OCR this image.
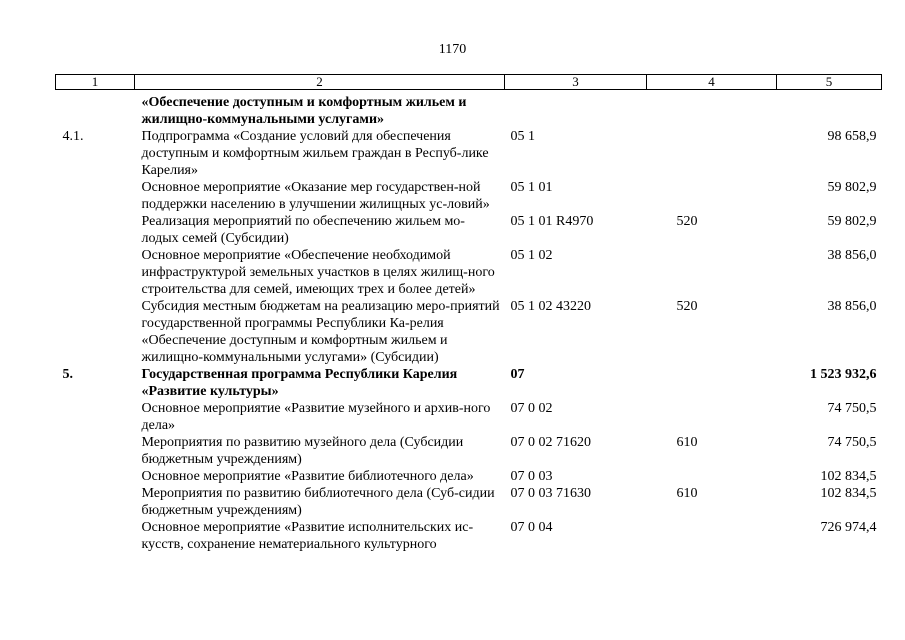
1170
1	2	3	4	5
	«Обеспечение доступным и комфортным жильем и жилищно-коммунальными услугами»			
4.1.	Подпрограмма «Создание условий для обеспечения доступным и комфортным жильем граждан в Респуб-лике Карелия»	05 1		98 658,9
	Основное мероприятие «Оказание мер государствен-ной поддержки населению в улучшении жилищных ус-ловий»	05 1 01		59 802,9
	Реализация мероприятий по обеспечению жильем мо-лодых семей (Субсидии)	05 1 01 R4970	520	59 802,9
	Основное мероприятие «Обеспечение необходимой инфраструктурой земельных участков в целях жилищ-ного строительства для семей, имеющих трех и более детей»	05 1 02		38 856,0
	Субсидия местным бюджетам на реализацию меро-приятий государственной программы Республики Ка-релия «Обеспечение доступным и комфортным жильем и жилищно-коммунальными услугами» (Субсидии)	05 1 02 43220	520	38 856,0
5.	Государственная программа Республики Карелия «Развитие культуры»	07		1 523 932,6
	Основное мероприятие «Развитие музейного и архив-ного дела»	07 0 02		74 750,5
	Мероприятия по развитию музейного дела (Субсидии бюджетным учреждениям)	07 0 02 71620	610	74 750,5
	Основное мероприятие «Развитие библиотечного дела»	07 0 03		102 834,5
	Мероприятия по развитию библиотечного дела (Суб-сидии бюджетным учреждениям)	07 0 03 71630	610	102 834,5
	Основное мероприятие «Развитие исполнительских ис-кусств, сохранение нематериального культурного	07 0 04		726 974,4
